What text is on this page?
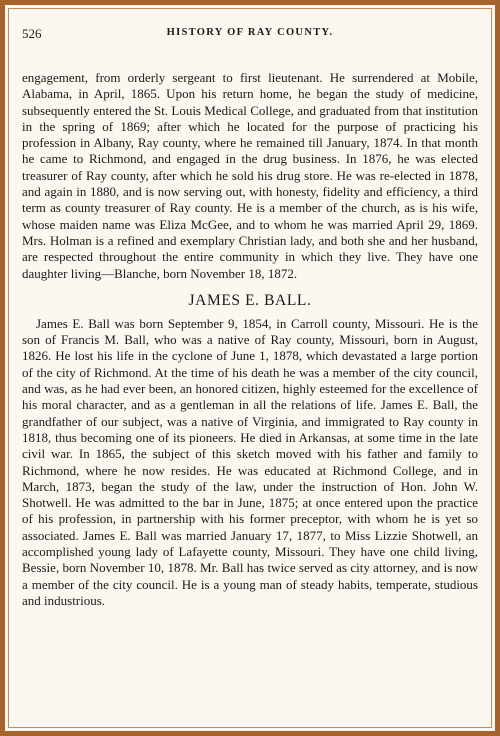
526	HISTORY OF RAY COUNTY.

engagement, from orderly sergeant to first lieutenant. He surrendered at Mobile, Alabama, in April, 1865. Upon his return home, he began the study of medicine, subsequently entered the St. Louis Medical College, and graduated from that institution in the spring of 1869; after which he located for the purpose of practicing his profession in Albany, Ray county, where he remained till January, 1874. In that month he came to Richmond, and engaged in the drug business. In 1876, he was elected treasurer of Ray county, after which he sold his drug store. He was re-elected in 1878, and again in 1880, and is now serving out, with honesty, fidelity and efficiency, a third term as county treasurer of Ray county. He is a member of the church, as is his wife, whose maiden name was Eliza McGee, and to whom he was married April 29, 1869. Mrs. Holman is a refined and exemplary Christian lady, and both she and her husband, are respected throughout the entire community in which they live. They have one daughter living—Blanche, born November 18, 1872.

JAMES E. BALL.

James E. Ball was born September 9, 1854, in Carroll county, Missouri. He is the son of Francis M. Ball, who was a native of Ray county, Missouri, born in August, 1826. He lost his life in the cyclone of June 1, 1878, which devastated a large portion of the city of Richmond. At the time of his death he was a member of the city council, and was, as he had ever been, an honored citizen, highly esteemed for the excellence of his moral character, and as a gentleman in all the relations of life. James E. Ball, the grandfather of our subject, was a native of Virginia, and immigrated to Ray county in 1818, thus becoming one of its pioneers. He died in Arkansas, at some time in the late civil war. In 1865, the subject of this sketch moved with his father and family to Richmond, where he now resides. He was educated at Richmond College, and in March, 1873, began the study of the law, under the instruction of Hon. John W. Shotwell. He was admitted to the bar in June, 1875; at once entered upon the practice of his profession, in partnership with his former preceptor, with whom he is yet so associated. James E. Ball was married January 17, 1877, to Miss Lizzie Shotwell, an accomplished young lady of Lafayette county, Missouri. They have one child living, Bessie, born November 10, 1878. Mr. Ball has twice served as city attorney, and is now a member of the city council. He is a young man of steady habits, temperate, studious and industrious.
